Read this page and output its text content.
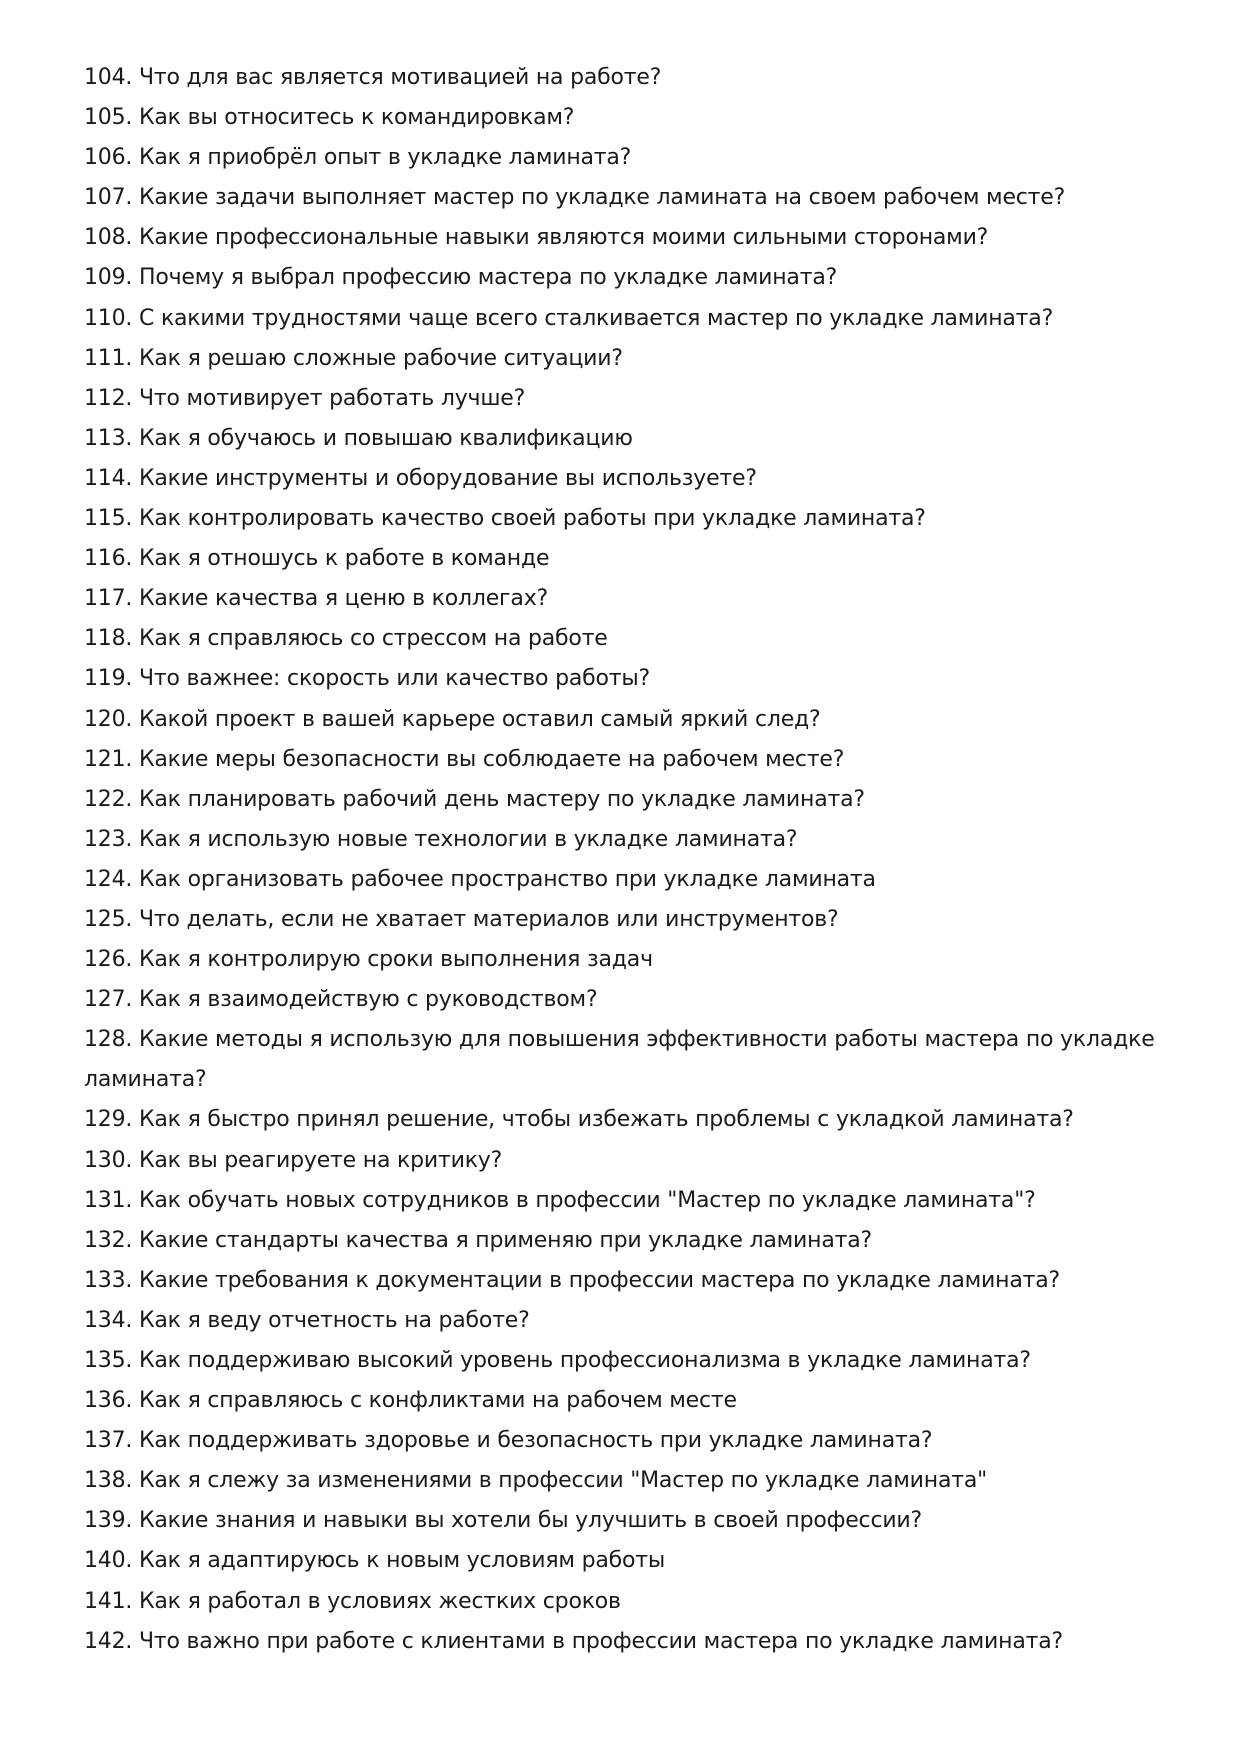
104. Что для вас является мотивацией на работе?
105. Как вы относитесь к командировкам?
106. Как я приобрёл опыт в укладке ламината?
107. Какие задачи выполняет мастер по укладке ламината на своем рабочем месте?
108. Какие профессиональные навыки являются моими сильными сторонами?
109. Почему я выбрал профессию мастера по укладке ламината?
110. С какими трудностями чаще всего сталкивается мастер по укладке ламината?
111. Как я решаю сложные рабочие ситуации?
112. Что мотивирует работать лучше?
113. Как я обучаюсь и повышаю квалификацию
114. Какие инструменты и оборудование вы используете?
115. Как контролировать качество своей работы при укладке ламината?
116. Как я отношусь к работе в команде
117. Какие качества я ценю в коллегах?
118. Как я справляюсь со стрессом на работе
119. Что важнее: скорость или качество работы?
120. Какой проект в вашей карьере оставил самый яркий след?
121. Какие меры безопасности вы соблюдаете на рабочем месте?
122. Как планировать рабочий день мастеру по укладке ламината?
123. Как я использую новые технологии в укладке ламината?
124. Как организовать рабочее пространство при укладке ламината
125. Что делать, если не хватает материалов или инструментов?
126. Как я контролирую сроки выполнения задач
127. Как я взаимодействую с руководством?
128. Какие методы я использую для повышения эффективности работы мастера по укладке ламината?
129. Как я быстро принял решение, чтобы избежать проблемы с укладкой ламината?
130. Как вы реагируете на критику?
131. Как обучать новых сотрудников в профессии "Мастер по укладке ламината"?
132. Какие стандарты качества я применяю при укладке ламината?
133. Какие требования к документации в профессии мастера по укладке ламината?
134. Как я веду отчетность на работе?
135. Как поддерживаю высокий уровень профессионализма в укладке ламината?
136. Как я справляюсь с конфликтами на рабочем месте
137. Как поддерживать здоровье и безопасность при укладке ламината?
138. Как я слежу за изменениями в профессии "Мастер по укладке ламината"
139. Какие знания и навыки вы хотели бы улучшить в своей профессии?
140. Как я адаптируюсь к новым условиям работы
141. Как я работал в условиях жестких сроков
142. Что важно при работе с клиентами в профессии мастера по укладке ламината?
